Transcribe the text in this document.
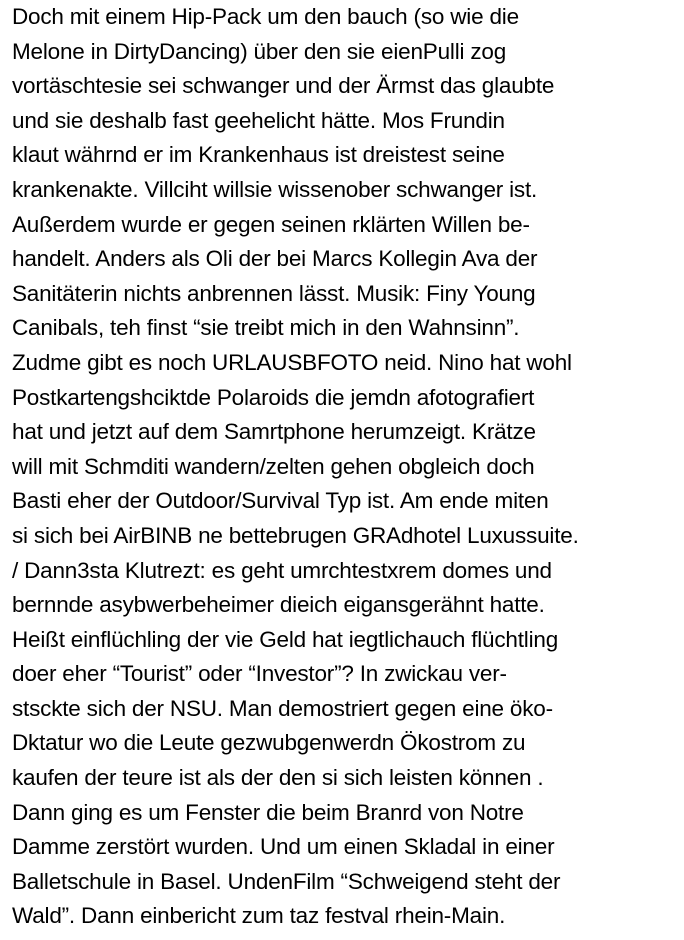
Doch mit einem Hip-Pack um den bauch (so wie die
Melone in DirtyDancing) über den sie eienPulli zog
vortäschtesie sei schwanger und der Ärmst das glaubte
und sie deshalb fast geehelicht hätte. Mos Frundin
klaut währnd er im Krankenhaus ist dreistest seine
krankenakte. Villciht willsie wissenober schwanger ist.
Außerdem wurde er gegen seinen rklärten Willen be-
handelt. Anders als Oli der bei Marcs Kollegin Ava der
Sanitäterin nichts anbrennen lässt. Musik: Finy Young
Canibals, teh finst “sie treibt mich in den Wahnsinn”.
Zudme gibt es noch URLAUSBFOTO neid. Nino hat wohl
Postkartengshciktde Polaroids die jemdn afotografiert
hat und jetzt auf dem Samrtphone herumzeigt. Krätze
will mit Schmditi wandern/zelten gehen obgleich doch
Basti eher der Outdoor/Survival Typ ist. Am ende miten
si sich bei AirBINB ne bettebrugen GRAdhotel Luxussuite.
/ Dann3sta Klutrezt: es geht umrchtestxrem domes und
bernnde asybwerbeheimer dieich eigansgerähnt hatte.
Heißt einflüchling der vie Geld hat iegtlichauch flüchtling
doer eher “Tourist” oder “Investor”? In zwickau ver-
stsckte sich der NSU. Man demostriert gegen eine öko-
Dktatur wo die Leute gezwubgenwerdn Ökostrom zu
kaufen der teure ist als der den si sich leisten können .
Dann ging es um Fenster die beim Branrd von Notre
Damme zerstört wurden. Und um einen Skladal in einer
Balletschule in Basel. UndenFilm “Schweigend steht der
Wald”. Dann einbericht zum taz festval rhein-Main.
